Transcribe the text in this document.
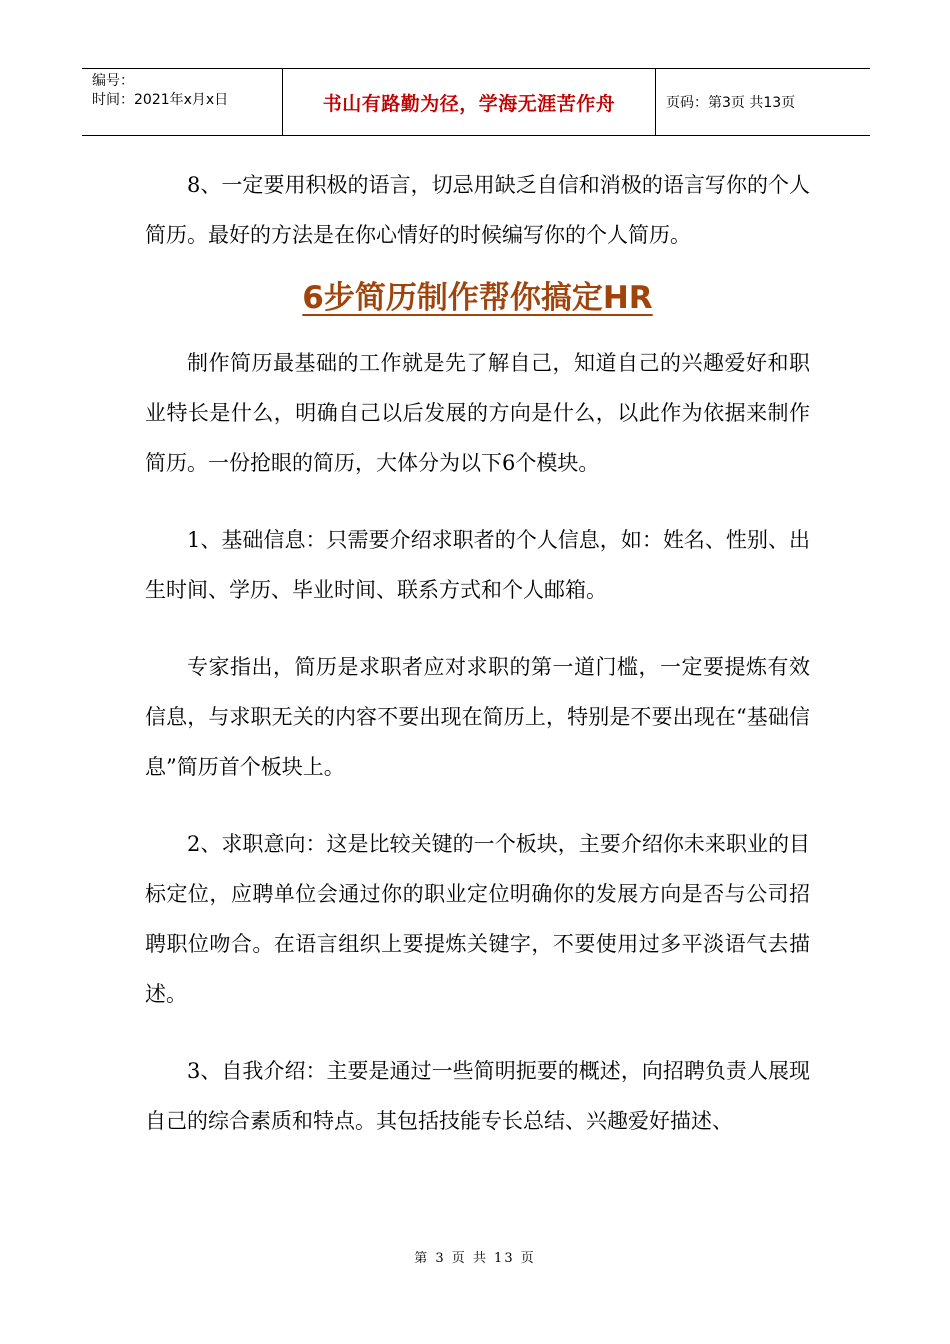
编号：
时间：2021年x月x日	书山有路勤为径，学海无涯苦作舟	页码：第3页 共13页

8、一定要用积极的语言，切忌用缺乏自信和消极的语言写你的个人简历。最好的方法是在你心情好的时候编写你的个人简历。

6步简历制作帮你搞定HR

制作简历最基础的工作就是先了解自己，知道自己的兴趣爱好和职业特长是什么，明确自己以后发展的方向是什么，以此作为依据来制作简历。一份抢眼的简历，大体分为以下6个模块。

1、基础信息：只需要介绍求职者的个人信息，如：姓名、性别、出生时间、学历、毕业时间、联系方式和个人邮箱。

专家指出，简历是求职者应对求职的第一道门槛，一定要提炼有效信息，与求职无关的内容不要出现在简历上，特别是不要出现在“基础信息”简历首个板块上。

2、求职意向：这是比较关键的一个板块，主要介绍你未来职业的目标定位，应聘单位会通过你的职业定位明确你的发展方向是否与公司招聘职位吻合。在语言组织上要提炼关键字，不要使用过多平淡语气去描述。

3、自我介绍：主要是通过一些简明扼要的概述，向招聘负责人展现自己的综合素质和特点。其包括技能专长总结、兴趣爱好描述、

第 3 页 共 13 页
